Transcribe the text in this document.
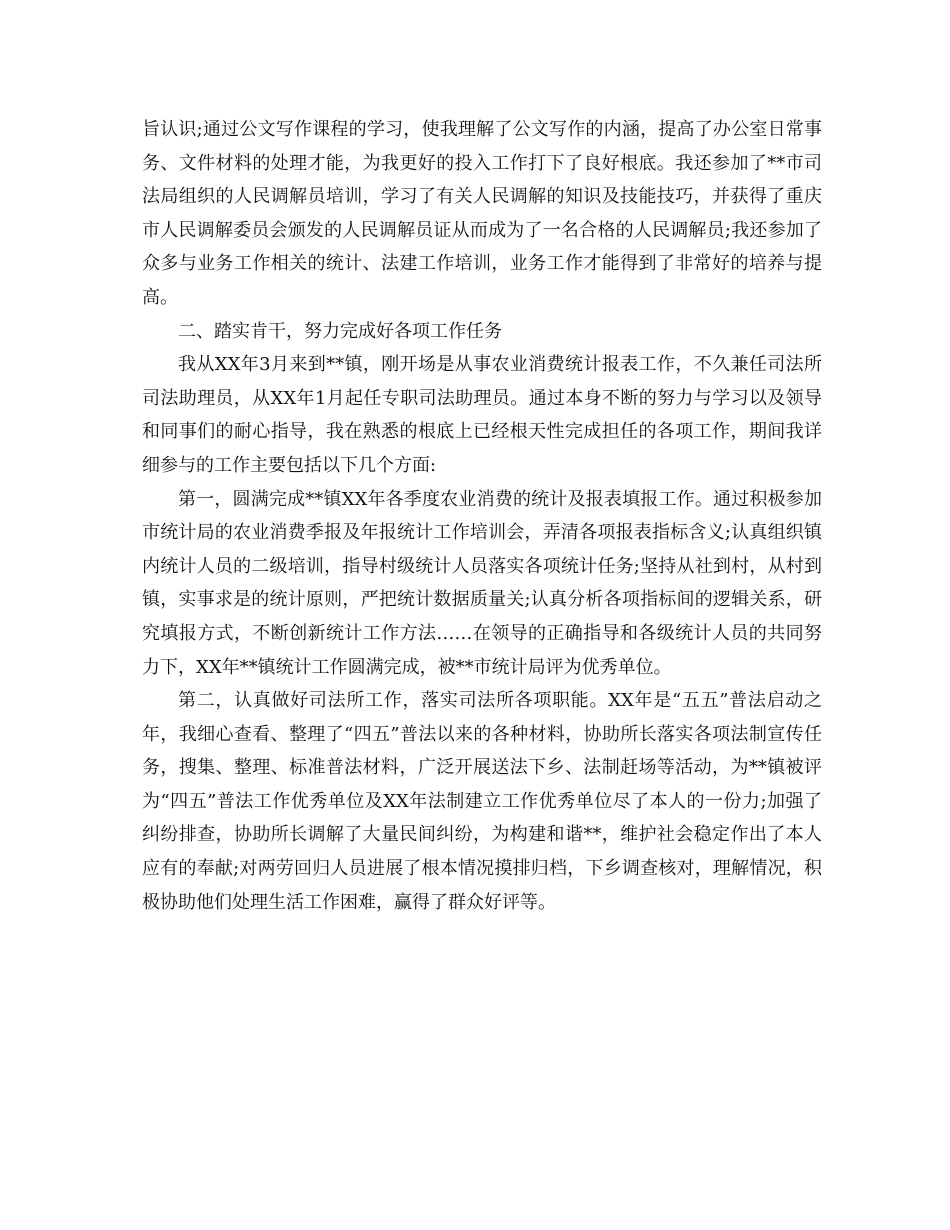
旨认识;通过公文写作课程的学习，使我理解了公文写作的内涵，提高了办公室日常事务、文件材料的处理才能，为我更好的投入工作打下了良好根底。我还参加了**市司法局组织的人民调解员培训，学习了有关人民调解的知识及技能技巧，并获得了重庆市人民调解委员会颁发的人民调解员证从而成为了一名合格的人民调解员;我还参加了众多与业务工作相关的统计、法建工作培训，业务工作才能得到了非常好的培养与提高。

二、踏实肯干，努力完成好各项工作任务

我从XX年3月来到**镇，刚开场是从事农业消费统计报表工作，不久兼任司法所司法助理员，从XX年1月起任专职司法助理员。通过本身不断的努力与学习以及领导和同事们的耐心指导，我在熟悉的根底上已经根天性完成担任的各项工作，期间我详细参与的工作主要包括以下几个方面:

第一，圆满完成**镇XX年各季度农业消费的统计及报表填报工作。通过积极参加市统计局的农业消费季报及年报统计工作培训会，弄清各项报表指标含义;认真组织镇内统计人员的二级培训，指导村级统计人员落实各项统计任务;坚持从社到村，从村到镇，实事求是的统计原则，严把统计数据质量关;认真分析各项指标间的逻辑关系，研究填报方式，不断创新统计工作方法……在领导的正确指导和各级统计人员的共同努力下，XX年**镇统计工作圆满完成，被**市统计局评为优秀单位。

第二，认真做好司法所工作，落实司法所各项职能。XX年是“五五”普法启动之年，我细心查看、整理了“四五”普法以来的各种材料，协助所长落实各项法制宣传任务，搜集、整理、标准普法材料，广泛开展送法下乡、法制赶场等活动，为**镇被评为“四五”普法工作优秀单位及XX年法制建立工作优秀单位尽了本人的一份力;加强了纠纷排查，协助所长调解了大量民间纠纷，为构建和谐**，维护社会稳定作出了本人应有的奉献;对两劳回归人员进展了根本情况摸排归档，下乡调查核对，理解情况，积极协助他们处理生活工作困难，赢得了群众好评等。
